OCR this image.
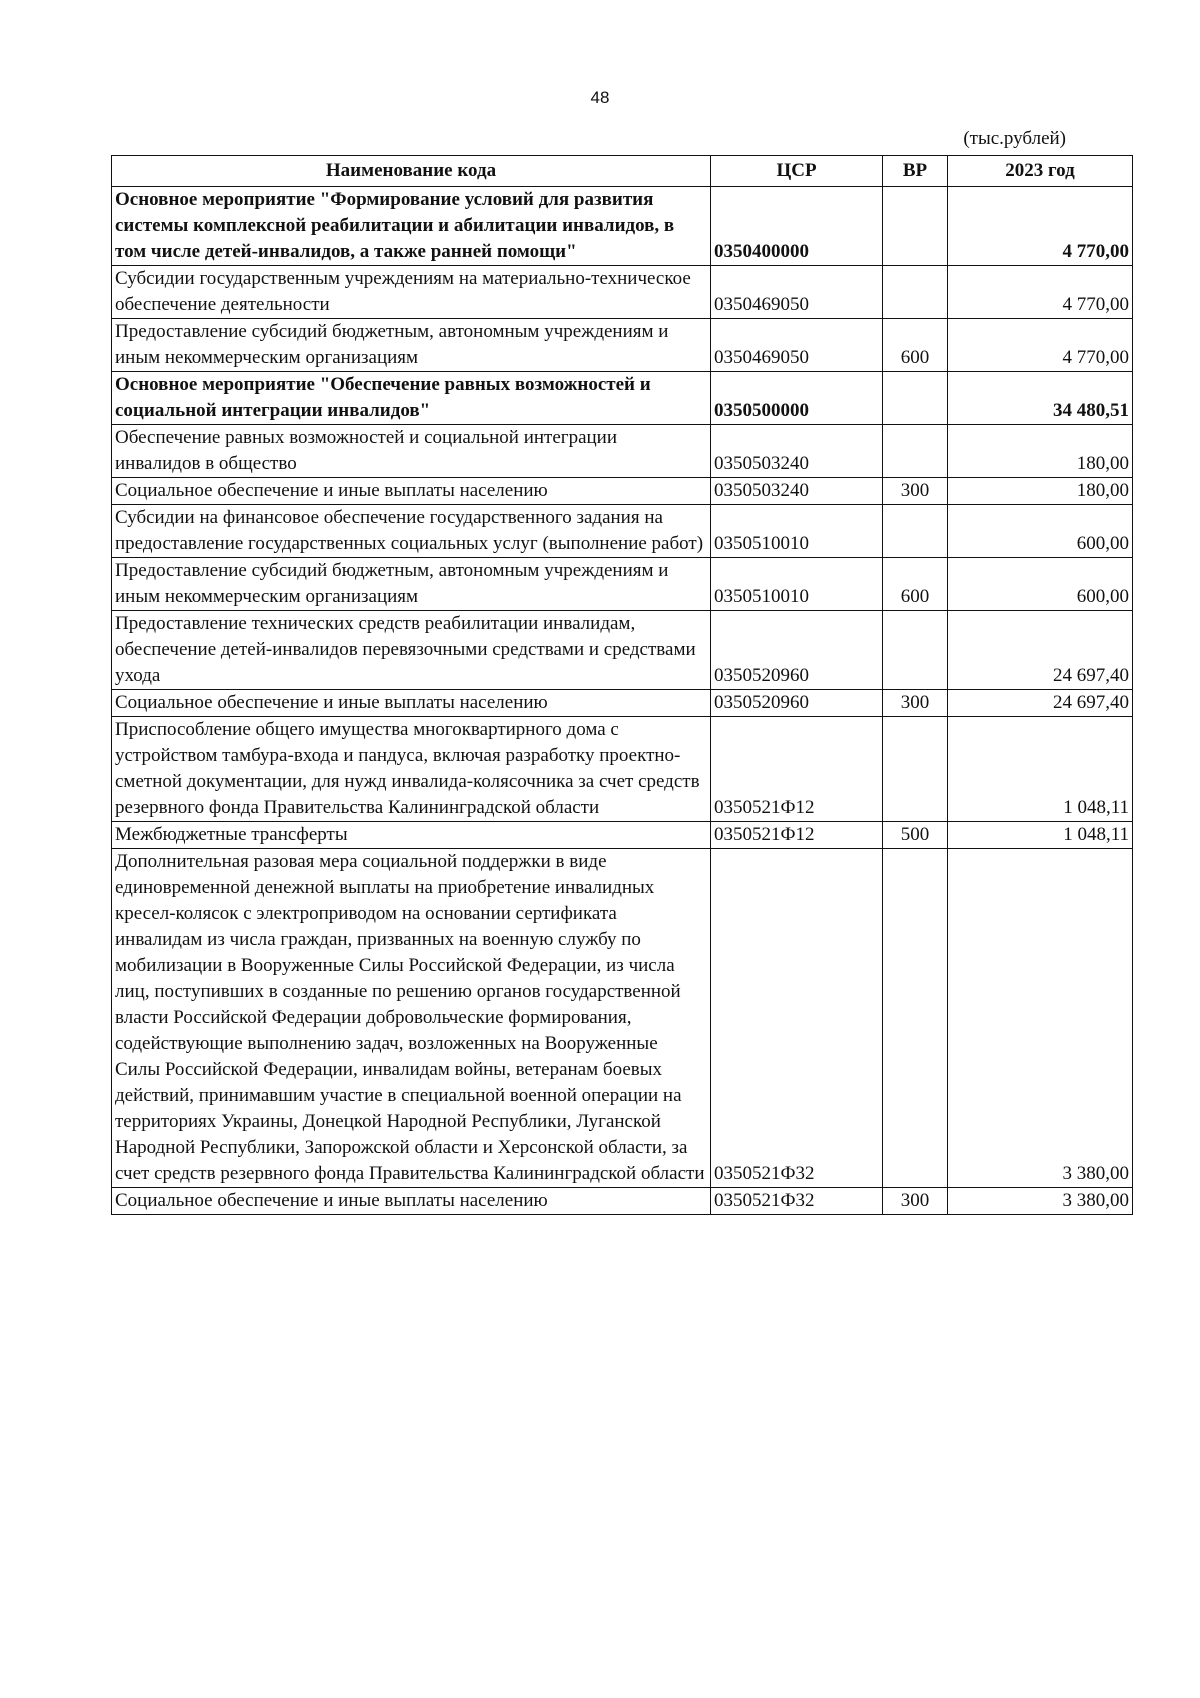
48
(тыс.рублей)
Наименование кода	ЦСР	ВР	2023 год
Основное мероприятие "Формирование условий для развития системы комплексной реабилитации и абилитации инвалидов, в том числе детей-инвалидов, а также ранней помощи"	0350400000		4 770,00
Субсидии государственным учреждениям на материально-техническое обеспечение деятельности	0350469050		4 770,00
Предоставление субсидий бюджетным, автономным учреждениям и иным некоммерческим организациям	0350469050	600	4 770,00
Основное мероприятие "Обеспечение равных возможностей и социальной интеграции инвалидов"	0350500000		34 480,51
Обеспечение равных возможностей и социальной интеграции инвалидов в общество	0350503240		180,00
Социальное обеспечение и иные выплаты населению	0350503240	300	180,00
Субсидии на финансовое обеспечение государственного задания на предоставление государственных социальных услуг (выполнение работ)	0350510010		600,00
Предоставление субсидий бюджетным, автономным учреждениям и иным некоммерческим организациям	0350510010	600	600,00
Предоставление технических средств реабилитации инвалидам, обеспечение детей-инвалидов перевязочными средствами и средствами ухода	0350520960		24 697,40
Социальное обеспечение и иные выплаты населению	0350520960	300	24 697,40
Приспособление общего имущества многоквартирного дома с устройством тамбура-входа и пандуса, включая разработку проектно-сметной документации, для нужд инвалида-колясочника за счет средств резервного фонда Правительства Калининградской области	0350521Ф12		1 048,11
Межбюджетные трансферты	0350521Ф12	500	1 048,11
Дополнительная разовая мера социальной поддержки в виде единовременной денежной выплаты на приобретение инвалидных кресел-колясок с электроприводом на основании сертификата инвалидам из числа граждан, призванных на военную службу по мобилизации в Вооруженные Силы Российской Федерации, из числа лиц, поступивших в созданные по решению органов государственной власти Российской Федерации добровольческие формирования, содействующие выполнению задач, возложенных на Вооруженные Силы Российской Федерации, инвалидам войны, ветеранам боевых действий, принимавшим участие в специальной военной операции на территориях Украины, Донецкой Народной Республики, Луганской Народной Республики, Запорожской области и Херсонской области, за счет средств резервного фонда Правительства Калининградской области	0350521Ф32		3 380,00
Социальное обеспечение и иные выплаты населению	0350521Ф32	300	3 380,00
